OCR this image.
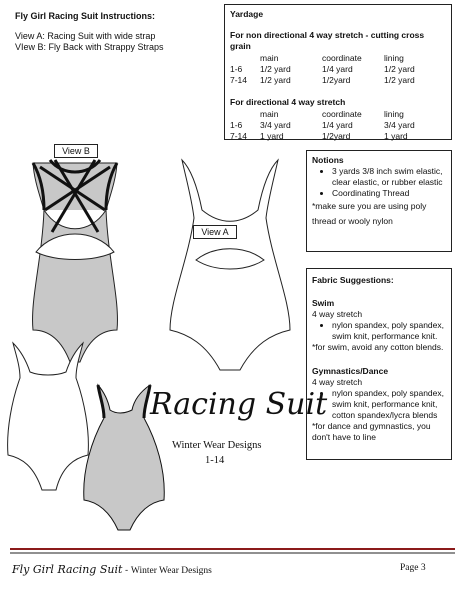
Fly Girl Racing Suit Instructions:
View A: Racing Suit with wide strap
VIew B: Fly Back with Strappy Straps
Yardage
For non directional 4 way stretch - cutting cross grain
	main	coordinate	lining
1-6	1/2 yard	1/4 yard	1/2 yard
7-14	1/2 yard	1/2yard	1/2 yard
For directional 4 way stretch
	main	coordinate	lining
1-6	3/4 yard	1/4 yard	3/4 yard
7-14	1 yard	1/2yard	1 yard
Notions
• 3 yards 3/8 inch swim elastic, clear elastic, or rubber elastic
• Coordinating Thread
*make sure you are using poly thread or wooly nylon
Fabric Suggestions:
Swim
4 way stretch
• nylon spandex, poly spandex, swim knit, performance knit.
*for swim, avoid any cotton blends.
Gymnastics/Dance
4 way stretch
• nylon spandex, poly spandex, swim knit, performance knit, cotton spandex/lycra blends
*for dance and gymnastics, you don't have to line
View B
View A
Racing Suit
Winter Wear Designs
1-14
Fly Girl Racing Suit - Winter Wear Designs	Page 3
